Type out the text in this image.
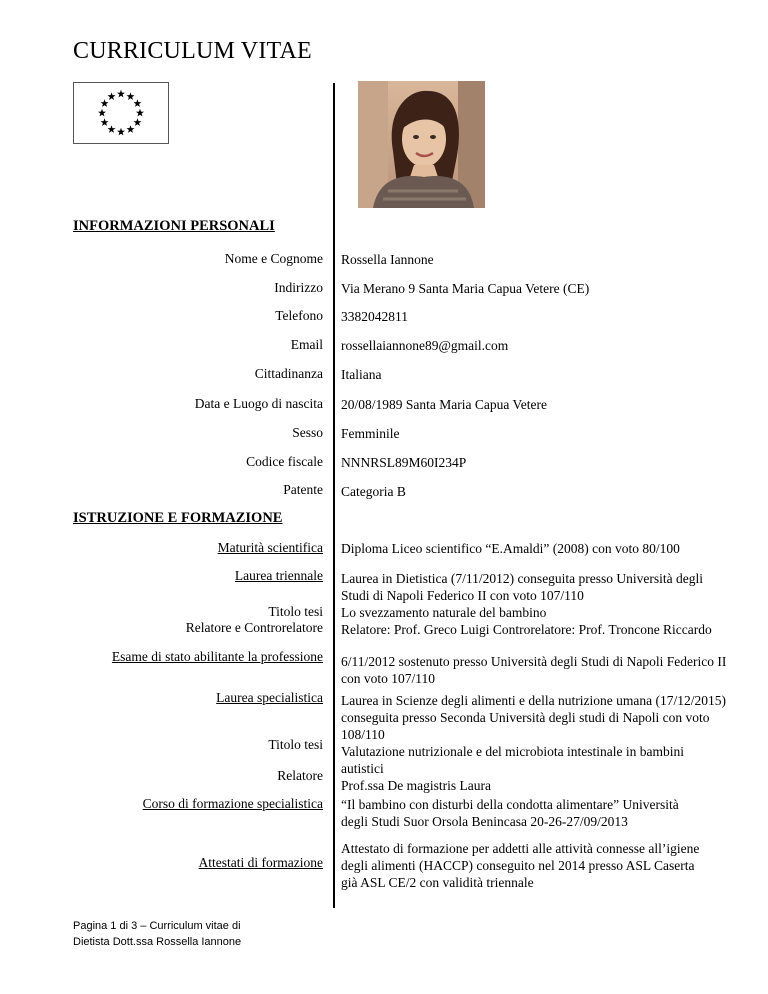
CURRICULUM VITAE
INFORMAZIONI PERSONALI
Nome e Cognome Rossella Iannone
Indirizzo Via Merano 9 Santa Maria Capua Vetere (CE)
Telefono 3382042811
Email rossellaiannone89@gmail.com
Cittadinanza Italiana
Data e Luogo di nascita 20/08/1989 Santa Maria Capua Vetere
Sesso Femminile
Codice fiscale NNNRSL89M60I234P
Patente Categoria B
ISTRUZIONE E FORMAZIONE
Maturità scientifica Diploma Liceo scientifico “E.Amaldi” (2008) con voto 80/100
Laurea triennale
Titolo tesi
Relatore e Controrelatore
Laurea in Dietistica (7/11/2012) conseguita presso Università degli
Studi di Napoli Federico II con voto 107/110
Lo svezzamento naturale del bambino
Relatore: Prof. Greco Luigi Controrelatore: Prof. Troncone Riccardo
Esame di stato abilitante la professione 6/11/2012 sostenuto presso Università degli Studi di Napoli Federico II
con voto 107/110
Laurea specialistica
Titolo tesi
Relatore
Laurea in Scienze degli alimenti e della nutrizione umana (17/12/2015)
conseguita presso Seconda Università degli studi di Napoli con voto
108/110
Valutazione nutrizionale e del microbiota intestinale in bambini
autistici
Prof.ssa De magistris Laura
Corso di formazione specialistica “Il bambino con disturbi della condotta alimentare” Università
degli Studi Suor Orsola Benincasa 20-26-27/09/2013
Attestati di formazione
Attestato di formazione per addetti alle attività connesse all’igiene
degli alimenti (HACCP) conseguito nel 2014 presso ASL Caserta
già ASL CE/2 con validità triennale
Pagina 1 di 3 – Curriculum vitae di
Dietista Dott.ssa Rossella Iannone
